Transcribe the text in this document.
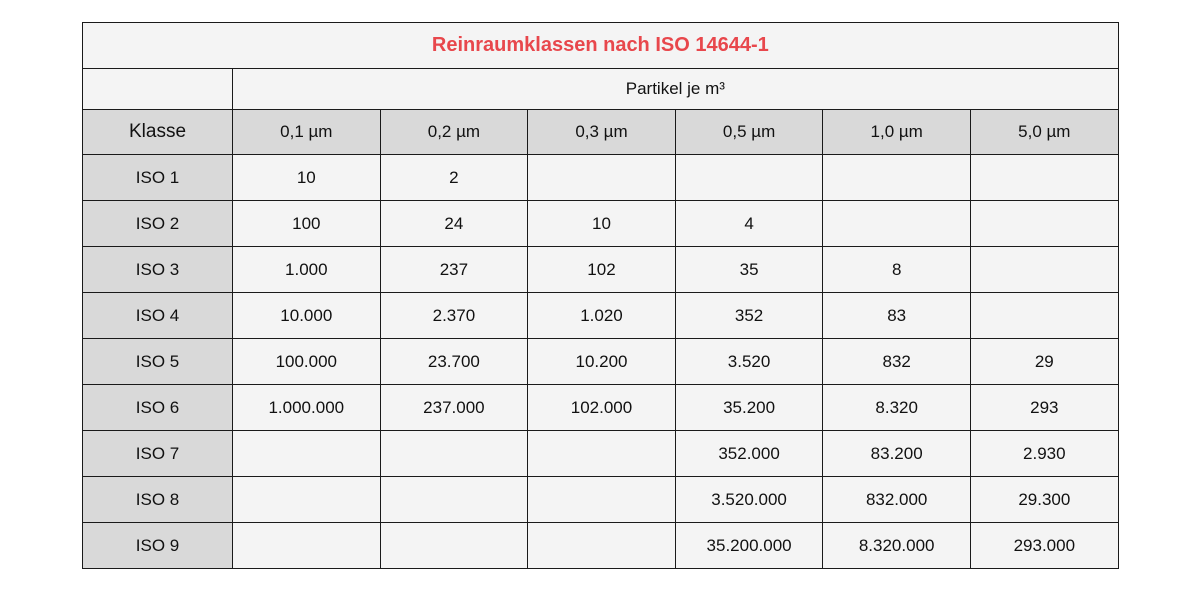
Reinraumklassen nach ISO 14644-1						
	Partikel je m³					
Klasse	0,1 µm	0,2 µm	0,3 µm	0,5 µm	1,0 µm	5,0 µm
ISO 1	10	2				
ISO 2	100	24	10	4		
ISO 3	1.000	237	102	35	8	
ISO 4	10.000	2.370	1.020	352	83	
ISO 5	100.000	23.700	10.200	3.520	832	29
ISO 6	1.000.000	237.000	102.000	35.200	8.320	293
ISO 7				352.000	83.200	2.930
ISO 8				3.520.000	832.000	29.300
ISO 9				35.200.000	8.320.000	293.000
